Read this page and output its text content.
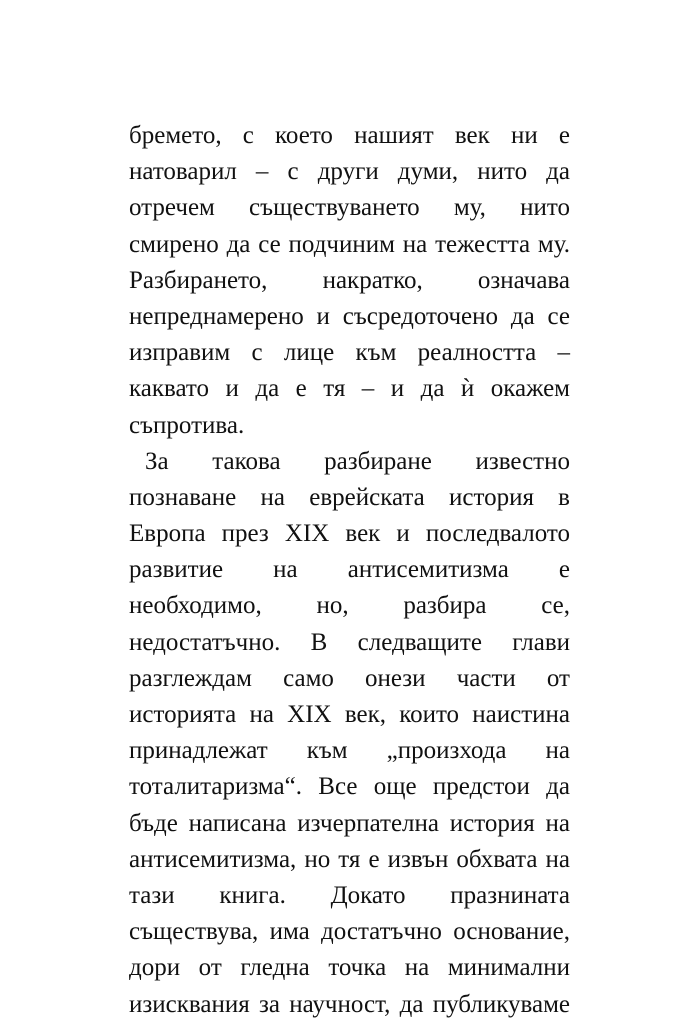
бремето, с което нашият век ни е
натоварил – с други думи, нито да
отречем съществуването му, нито
смирено да се подчиним на тежестта му.
Разбирането, накратко, означава
непреднамерено и съсредоточено да се
изправим с лице към реалността –
каквато и да е тя – и да ѝ окажем
съпротива.
За такова разбиране известно
познаване на еврейската история в
Европа през XIX век и последвалото
развитие на антисемитизма е
необходимо, но, разбира се,
недостатъчно. В следващите глави
разглеждам само онези части от
историята на XIX век, които наистина
принадлежат към „произхода на
тоталитаризма“. Все още предстои да
бъде написана изчерпателна история на
антисемитизма, но тя е извън обхвата на
тази книга. Докато празнината
съществува, има достатъчно основание,
дори от гледна точка на минимални
изисквания за научност, да публикуваме
